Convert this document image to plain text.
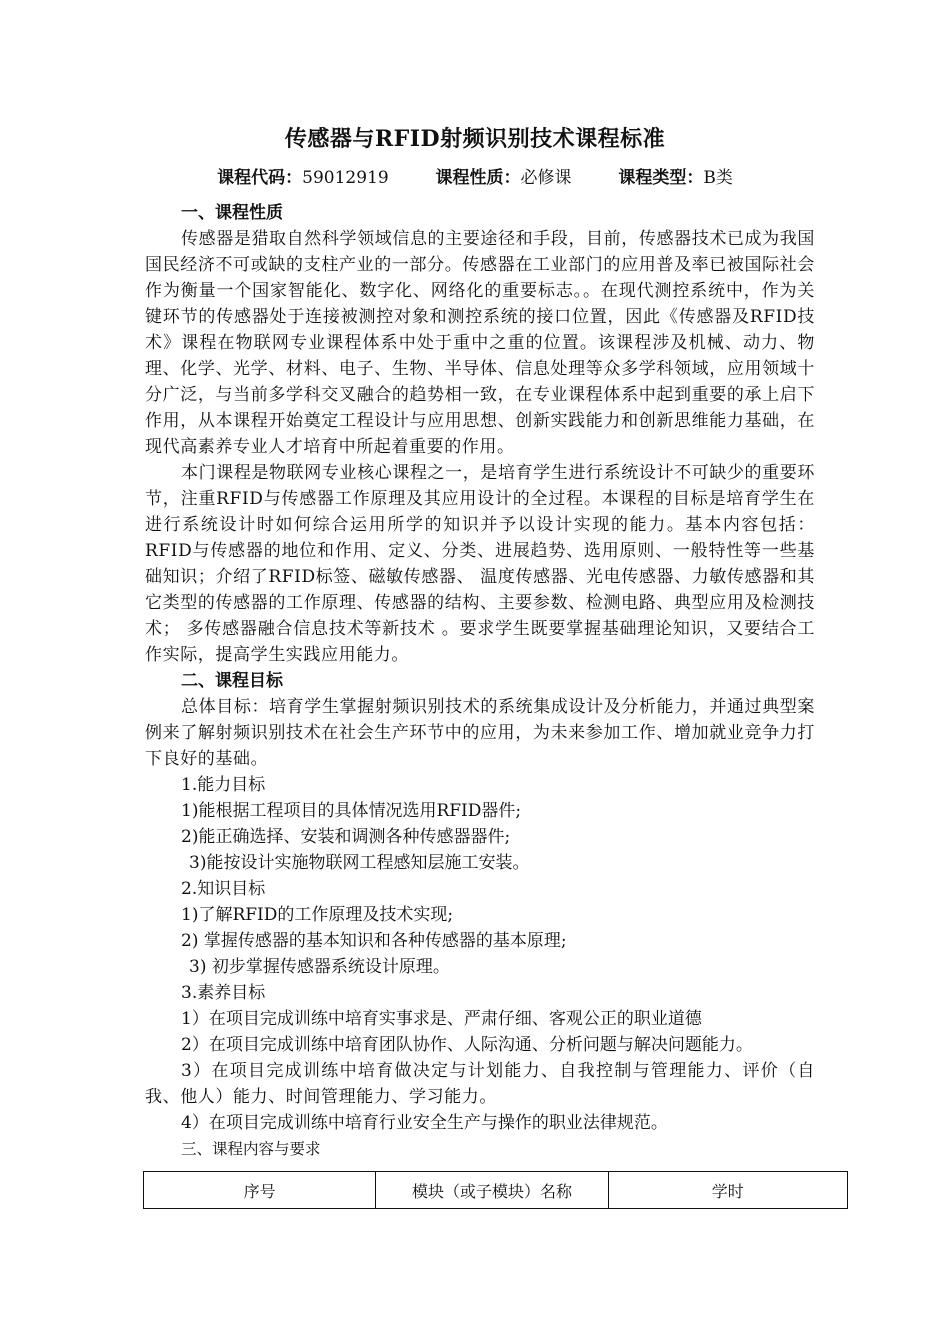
传感器与RFID射频识别技术课程标准
课程代码：59012919	课程性质：必修课	课程类型：B类
一、课程性质
传感器是猎取自然科学领域信息的主要途径和手段，目前，传感器技术已成为我国国民经济不可或缺的支柱产业的一部分。传感器在工业部门的应用普及率已被国际社会作为衡量一个国家智能化、数字化、网络化的重要标志。。在现代测控系统中，作为关键环节的传感器处于连接被测控对象和测控系统的接口位置，因此《传感器及RFID技术》课程在物联网专业课程体系中处于重中之重的位置。该课程涉及机械、动力、物理、化学、光学、材料、电子、生物、半导体、信息处理等众多学科领域，应用领域十分广泛，与当前多学科交叉融合的趋势相一致，在专业课程体系中起到重要的承上启下作用，从本课程开始奠定工程设计与应用思想、创新实践能力和创新思维能力基础，在现代高素养专业人才培育中所起着重要的作用。
本门课程是物联网专业核心课程之一，是培育学生进行系统设计不可缺少的重要环节，注重RFID与传感器工作原理及其应用设计的全过程。本课程的目标是培育学生在进行系统设计时如何综合运用所学的知识并予以设计实现的能力。基本内容包括：RFID与传感器的地位和作用、定义、分类、进展趋势、选用原则、一般特性等一些基础知识；介绍了RFID标签、磁敏传感器、 温度传感器、光电传感器、力敏传感器和其它类型的传感器的工作原理、传感器的结构、主要参数、检测电路、典型应用及检测技术； 多传感器融合信息技术等新技术 。要求学生既要掌握基础理论知识，又要结合工作实际，提高学生实践应用能力。
二、课程目标
总体目标：培育学生掌握射频识别技术的系统集成设计及分析能力，并通过典型案例来了解射频识别技术在社会生产环节中的应用，为未来参加工作、增加就业竞争力打下良好的基础。
1.能力目标
1)能根据工程项目的具体情况选用RFID器件;
2)能正确选择、安装和调测各种传感器器件;
3)能按设计实施物联网工程感知层施工安装。
2.知识目标
1)了解RFID的工作原理及技术实现;
2) 掌握传感器的基本知识和各种传感器的基本原理;
3) 初步掌握传感器系统设计原理。
3.素养目标
1）在项目完成训练中培育实事求是、严肃仔细、客观公正的职业道德
2）在项目完成训练中培育团队协作、人际沟通、分析问题与解决问题能力。
3）在项目完成训练中培育做决定与计划能力、自我控制与管理能力、评价（自我、他人）能力、时间管理能力、学习能力。
4）在项目完成训练中培育行业安全生产与操作的职业法律规范。
三、课程内容与要求
序号	模块（或子模块）名称	学时
